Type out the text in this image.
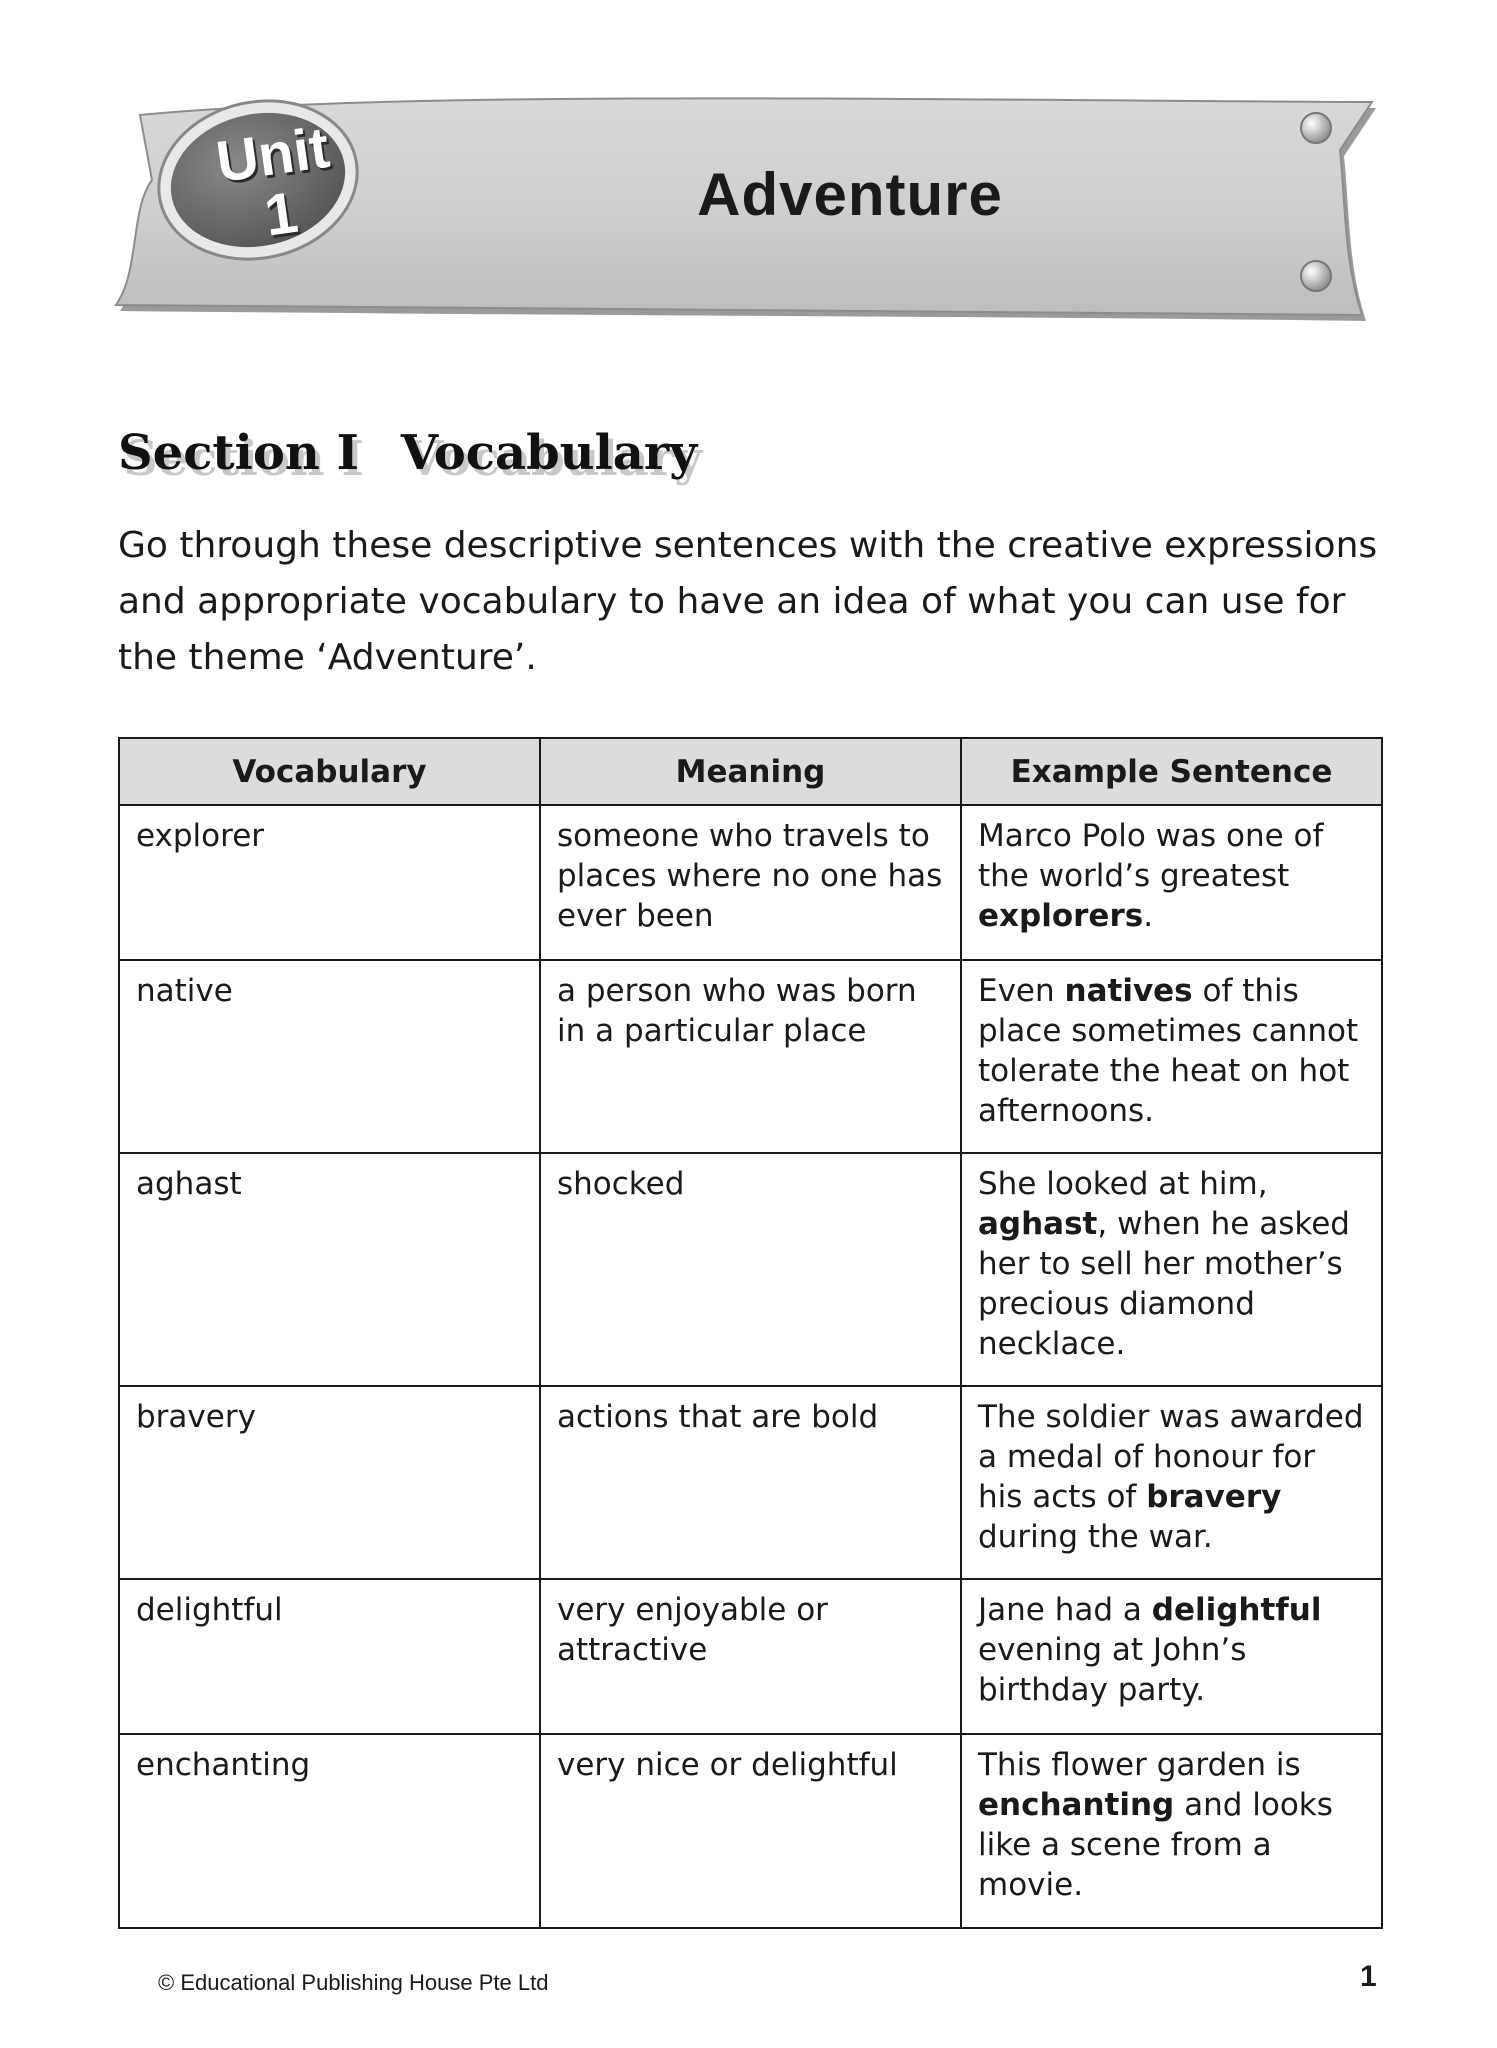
Unit
1	Adventure
Section I Vocabulary

Go through these descriptive sentences with the creative expressions and appropriate vocabulary to have an idea of what you can use for the theme ‘Adventure’.

Vocabulary	Meaning	Example Sentence
explorer	someone who travels to places where no one has ever been	Marco Polo was one of the world’s greatest explorers.
native	a person who was born in a particular place	Even natives of this place sometimes cannot tolerate the heat on hot afternoons.
aghast	shocked	She looked at him, aghast, when he asked her to sell her mother’s precious diamond necklace.
bravery	actions that are bold	The soldier was awarded a medal of honour for his acts of bravery during the war.
delightful	very enjoyable or attractive	Jane had a delightful evening at John’s birthday party.
enchanting	very nice or delightful	This flower garden is enchanting and looks like a scene from a movie.
© Educational Publishing House Pte Ltd	1
